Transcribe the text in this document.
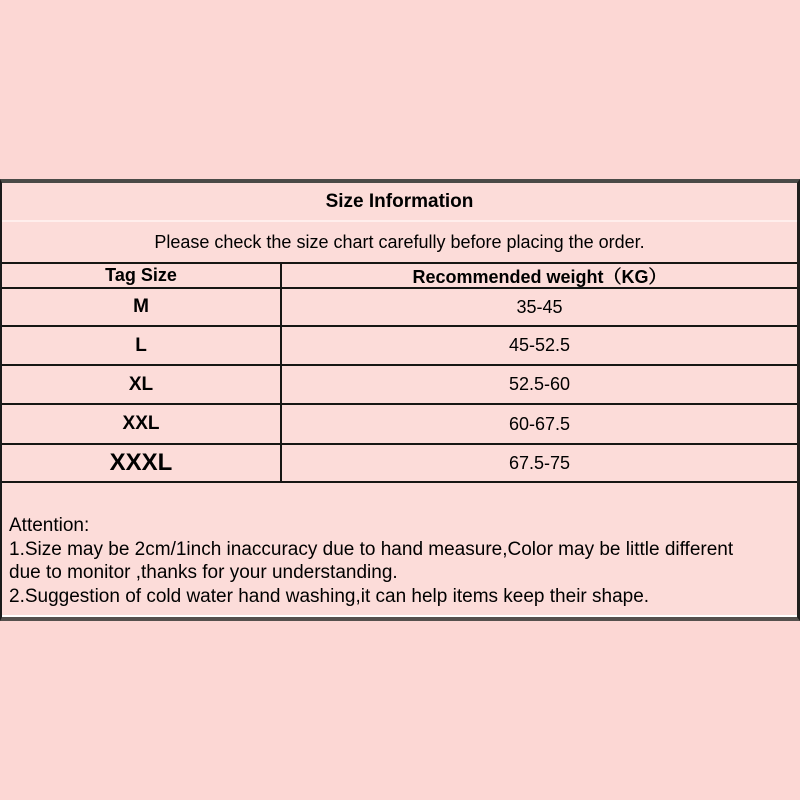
Size Information
Please check the size chart carefully before placing the order.
Tag Size	Recommended weight（KG）
M	35-45
L	45-52.5
XL	52.5-60
XXL	60-67.5
XXXL	67.5-75
Attention:
1.Size may be 2cm/1inch inaccuracy due to hand measure,Color may be little different
due to monitor ,thanks for your understanding.
2.Suggestion of cold water hand washing,it can help items keep their shape.
